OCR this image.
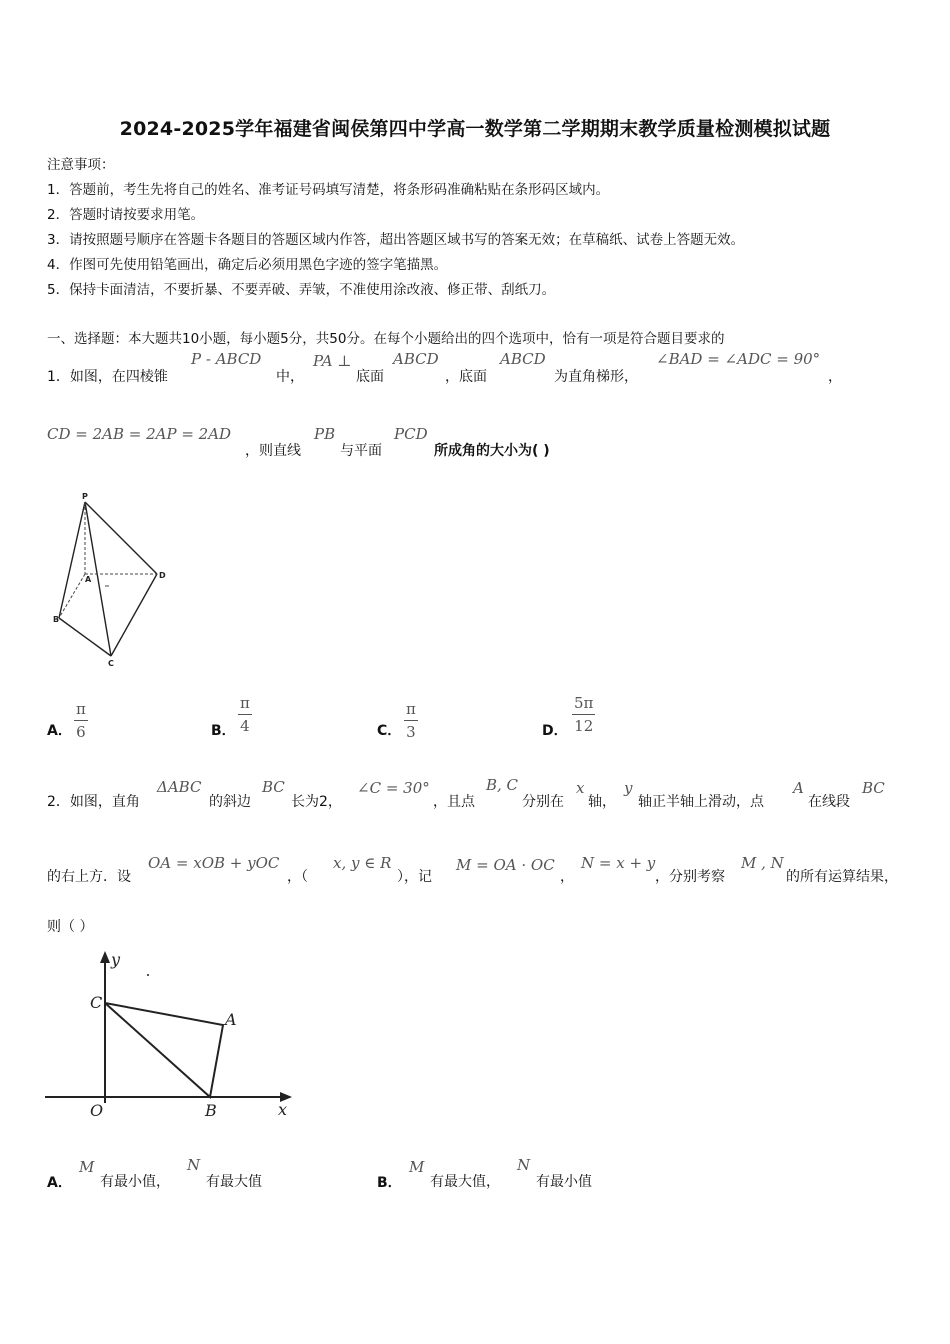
2024-2025学年福建省闽侯第四中学高一数学第二学期期末教学质量检测模拟试题
注意事项：
1．答题前，考生先将自己的姓名、准考证号码填写清楚，将条形码准确粘贴在条形码区域内。
2．答题时请按要求用笔。
3．请按照题号顺序在答题卡各题目的答题区域内作答，超出答题区域书写的答案无效；在草稿纸、试卷上答题无效。
4．作图可先使用铅笔画出，确定后必须用黑色字迹的签字笔描黑。
5．保持卡面清洁，不要折暴、不要弄破、弄皱，不准使用涂改液、修正带、刮纸刀。
一、选择题：本大题共10小题，每小题5分，共50分。在每个小题给出的四个选项中，恰有一项是符合题目要求的
1．如图，在四棱锥
P - ABCD
中，
PA ⊥
底面
ABCD
，底面
ABCD
为直角梯形，
∠BAD = ∠ADC = 90°
，
CD = 2AB = 2AP = 2AD
，则直线
PB
与平面
PCD
所成角的大小为( )
P
A
B
C
D
A．
π
6	B．
π
4	C．
π
3	D．
5π
12
2．如图，直角
ΔABC
的斜边
BC
长为2，
∠C = 30°
，且点
B, C
分别在
x
轴，
y
轴正半轴上滑动，点
A
在线段
BC
的右上方．设
OA = xOB + yOC
，（
x, y ∈ R
），记
M = OA · OC
，
N = x + y
，分别考察
M , N
的所有运算结果，
则（ ）
y
C
A
O	B	x
A．
M
有最小值，
N
有最大值	B．
M
有最大值，
N
有最小值
